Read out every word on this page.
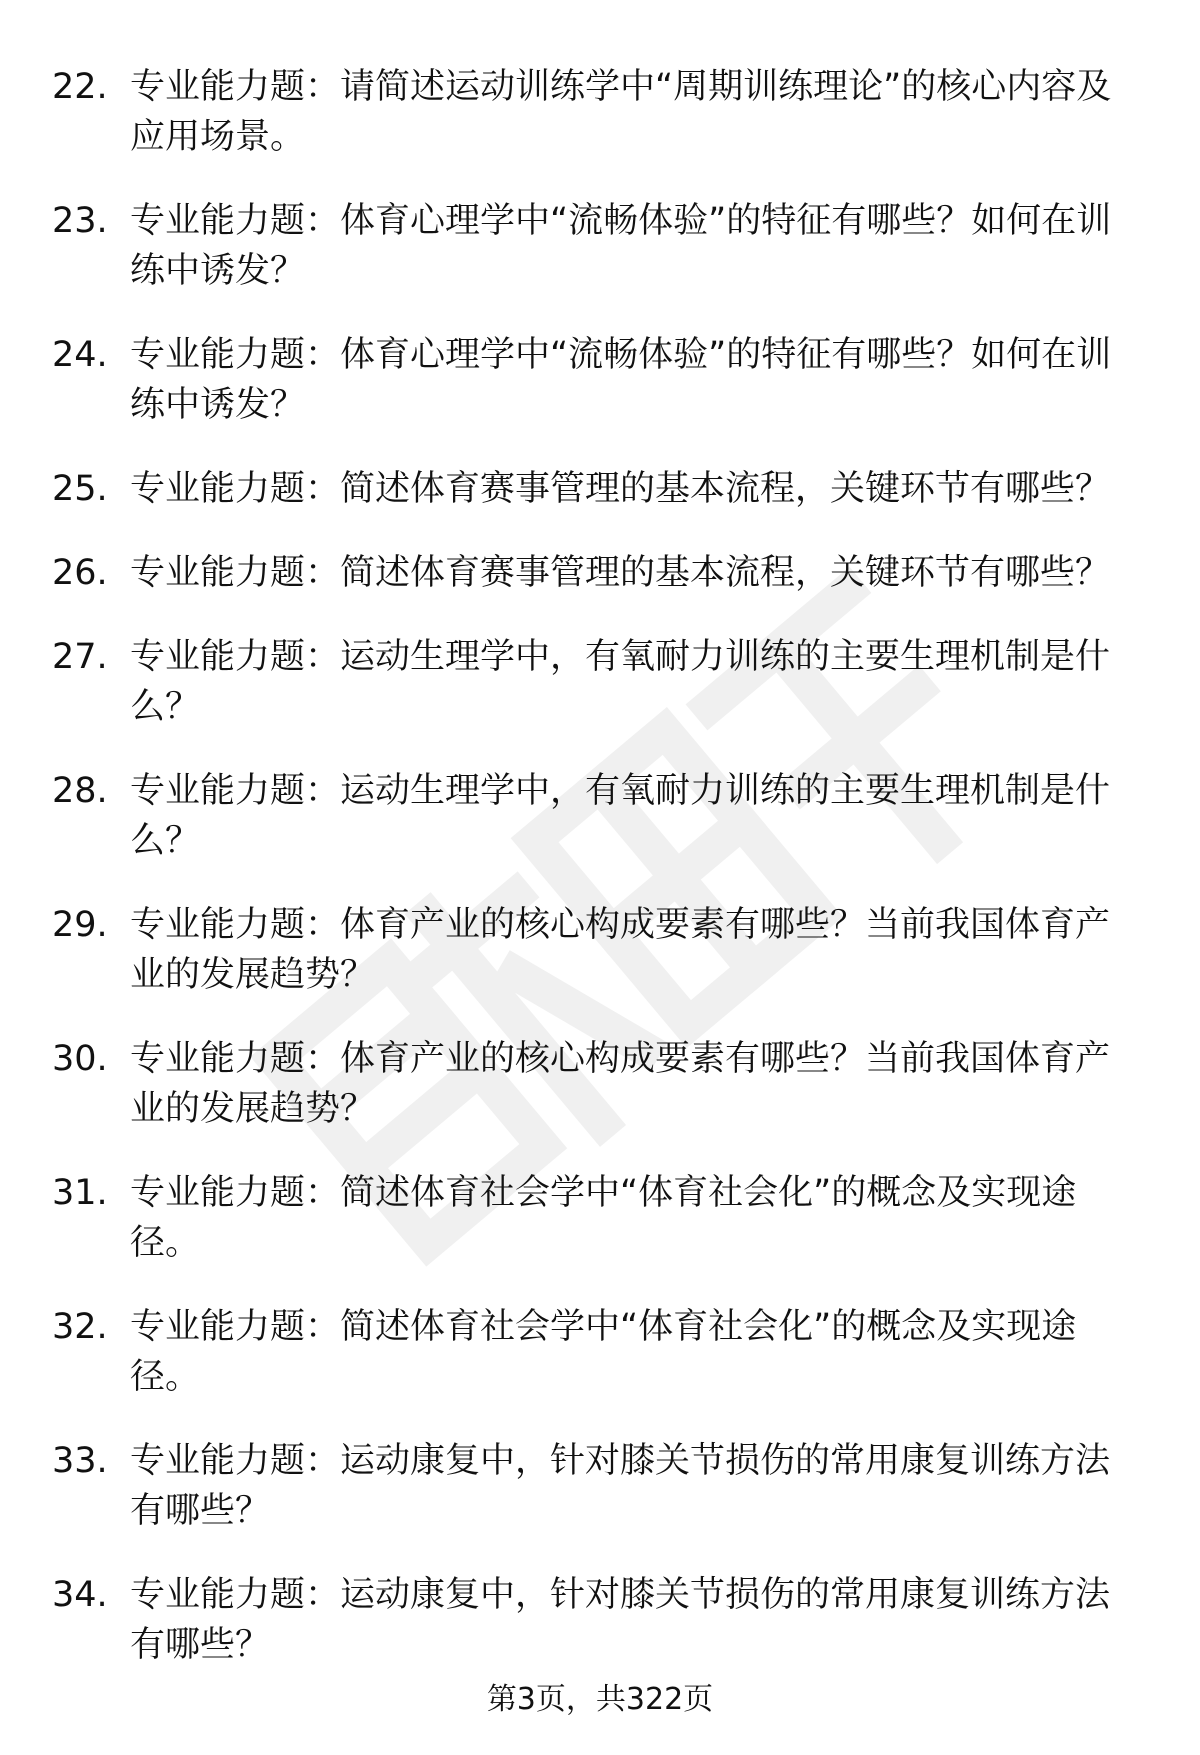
22. 专业能力题：请简述运动训练学中“周期训练理论”的核心内容及应用场景。
23. 专业能力题：体育心理学中“流畅体验”的特征有哪些？如何在训练中诱发？
24. 专业能力题：体育心理学中“流畅体验”的特征有哪些？如何在训练中诱发？
25. 专业能力题：简述体育赛事管理的基本流程，关键环节有哪些？
26. 专业能力题：简述体育赛事管理的基本流程，关键环节有哪些？
27. 专业能力题：运动生理学中，有氧耐力训练的主要生理机制是什么？
28. 专业能力题：运动生理学中，有氧耐力训练的主要生理机制是什么？
29. 专业能力题：体育产业的核心构成要素有哪些？当前我国体育产业的发展趋势？
30. 专业能力题：体育产业的核心构成要素有哪些？当前我国体育产业的发展趋势？
31. 专业能力题：简述体育社会学中“体育社会化”的概念及实现途径。
32. 专业能力题：简述体育社会学中“体育社会化”的概念及实现途径。
33. 专业能力题：运动康复中，针对膝关节损伤的常用康复训练方法有哪些？
34. 专业能力题：运动康复中，针对膝关节损伤的常用康复训练方法有哪些？
第3页，共322页
